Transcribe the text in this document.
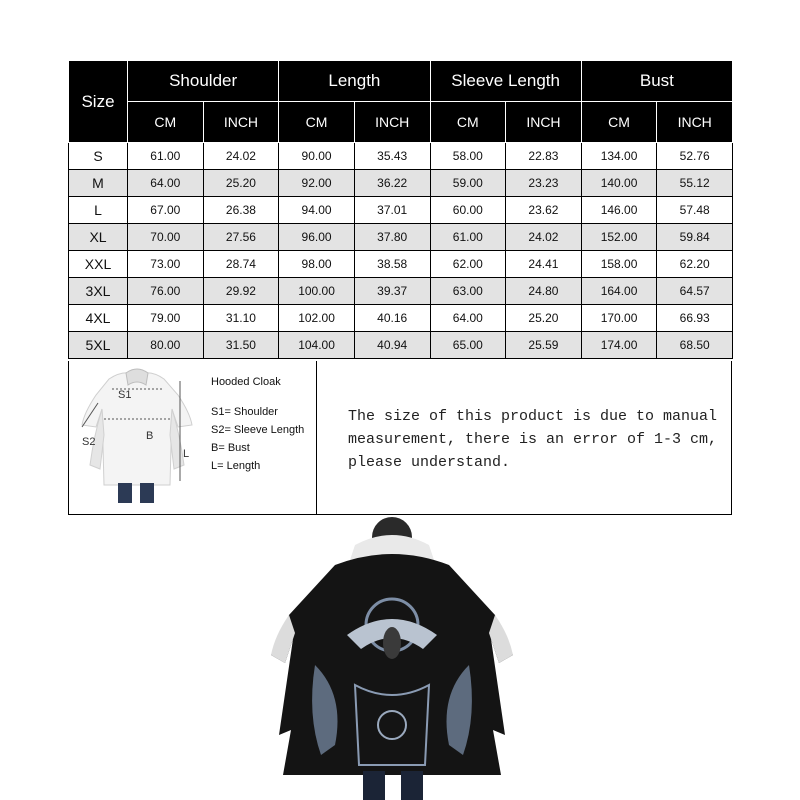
Size	Shoulder		Length		Sleeve Length		Bust	
	CM	INCH	CM	INCH	CM	INCH	CM	INCH
S	61.00	24.02	90.00	35.43	58.00	22.83	134.00	52.76
M	64.00	25.20	92.00	36.22	59.00	23.23	140.00	55.12
L	67.00	26.38	94.00	37.01	60.00	23.62	146.00	57.48
XL	70.00	27.56	96.00	37.80	61.00	24.02	152.00	59.84
XXL	73.00	28.74	98.00	38.58	62.00	24.41	158.00	62.20
3XL	76.00	29.92	100.00	39.37	63.00	24.80	164.00	64.57
4XL	79.00	31.10	102.00	40.16	64.00	25.20	170.00	66.93
5XL	80.00	31.50	104.00	40.94	65.00	25.59	174.00	68.50
S1
S2	B
L
Hooded Cloak
S1= Shoulder
S2= Sleeve Length
B= Bust
L= Length
The size of this product is due to manual measurement, there is an error of 1-3 cm, please understand.
